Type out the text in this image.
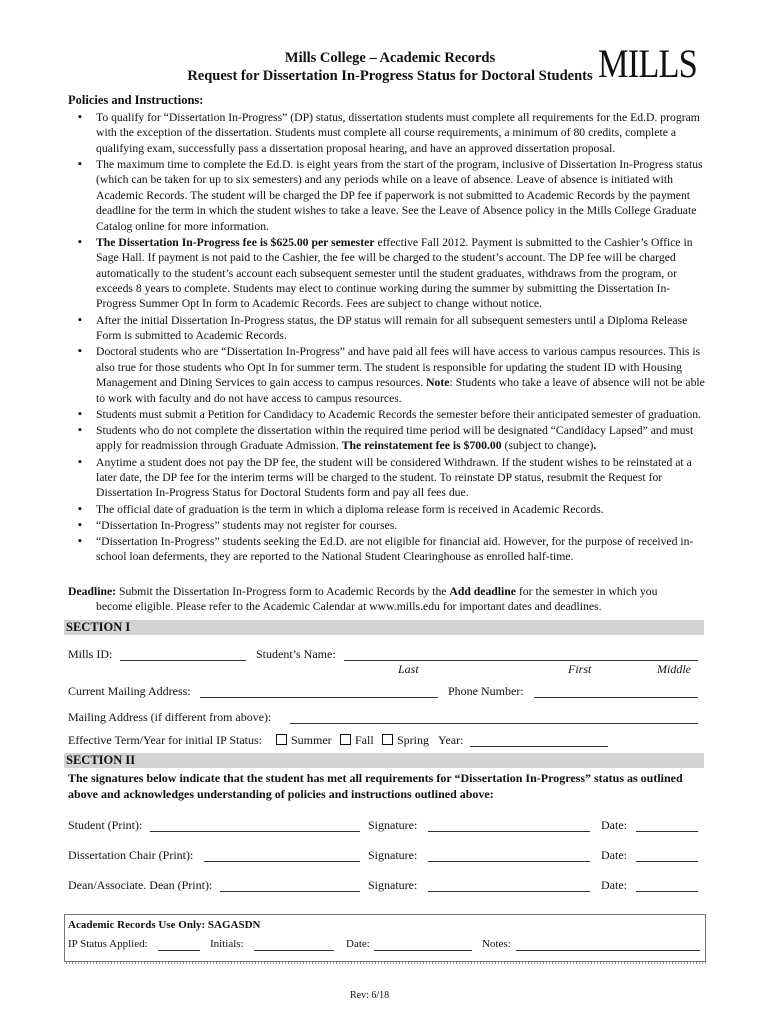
Mills College – Academic Records
Request for Dissertation In-Progress Status for Doctoral Students MILLS
Policies and Instructions:
▪ To qualify for “Dissertation In-Progress” (DP) status, dissertation students must complete all requirements for the Ed.D. program with the exception of the dissertation. Students must complete all course requirements, a minimum of 80 credits, complete a qualifying exam, successfully pass a dissertation proposal hearing, and have an approved dissertation proposal.
▪ The maximum time to complete the Ed.D. is eight years from the start of the program, inclusive of Dissertation In-Progress status (which can be taken for up to six semesters) and any periods while on a leave of absence. Leave of absence is initiated with Academic Records. The student will be charged the DP fee if paperwork is not submitted to Academic Records by the payment deadline for the term in which the student wishes to take a leave. See the Leave of Absence policy in the Mills College Graduate Catalog online for more information.
▪ The Dissertation In-Progress fee is $625.00 per semester effective Fall 2012. Payment is submitted to the Cashier’s Office in Sage Hall. If payment is not paid to the Cashier, the fee will be charged to the student’s account. The DP fee will be charged automatically to the student’s account each subsequent semester until the student graduates, withdraws from the program, or exceeds 8 years to complete. Students may elect to continue working during the summer by submitting the Dissertation In-Progress Summer Opt In form to Academic Records. Fees are subject to change without notice.
▪ After the initial Dissertation In-Progress status, the DP status will remain for all subsequent semesters until a Diploma Release Form is submitted to Academic Records.
▪ Doctoral students who are “Dissertation In-Progress” and have paid all fees will have access to various campus resources. This is also true for those students who Opt In for summer term. The student is responsible for updating the student ID with Housing Management and Dining Services to gain access to campus resources. Note: Students who take a leave of absence will not be able to work with faculty and do not have access to campus resources.
▪ Students must submit a Petition for Candidacy to Academic Records the semester before their anticipated semester of graduation.
▪ Students who do not complete the dissertation within the required time period will be designated “Candidacy Lapsed” and must apply for readmission through Graduate Admission. The reinstatement fee is $700.00 (subject to change).
▪ Anytime a student does not pay the DP fee, the student will be considered Withdrawn. If the student wishes to be reinstated at a later date, the DP fee for the interim terms will be charged to the student. To reinstate DP status, resubmit the Request for Dissertation In-Progress Status for Doctoral Students form and pay all fees due.
▪ The official date of graduation is the term in which a diploma release form is received in Academic Records.
▪ “Dissertation In-Progress” students may not register for courses.
▪ “Dissertation In-Progress” students seeking the Ed.D. are not eligible for financial aid. However, for the purpose of received in-school loan deferments, they are reported to the National Student Clearinghouse as enrolled half-time.
Deadline: Submit the Dissertation In-Progress form to Academic Records by the Add deadline for the semester in which you
become eligible. Please refer to the Academic Calendar at www.mills.edu for important dates and deadlines.
SECTION I
Mills ID:	Student’s Name:
Last	First	Middle
Current Mailing Address:	Phone Number:
Mailing Address (if different from above):
Effective Term/Year for initial IP Status:	Summer	Fall	Spring Year:
SECTION II
The signatures below indicate that the student has met all requirements for “Dissertation In-Progress” status as outlined above and acknowledges understanding of policies and instructions outlined above:
Student (Print):	Signature:	Date:
Dissertation Chair (Print):	Signature:	Date:
Dean/Associate. Dean (Print):	Signature:	Date:
Academic Records Use Only: SAGASDN
IP Status Applied:	Initials:	Date:	Notes:
Rev: 6/18
